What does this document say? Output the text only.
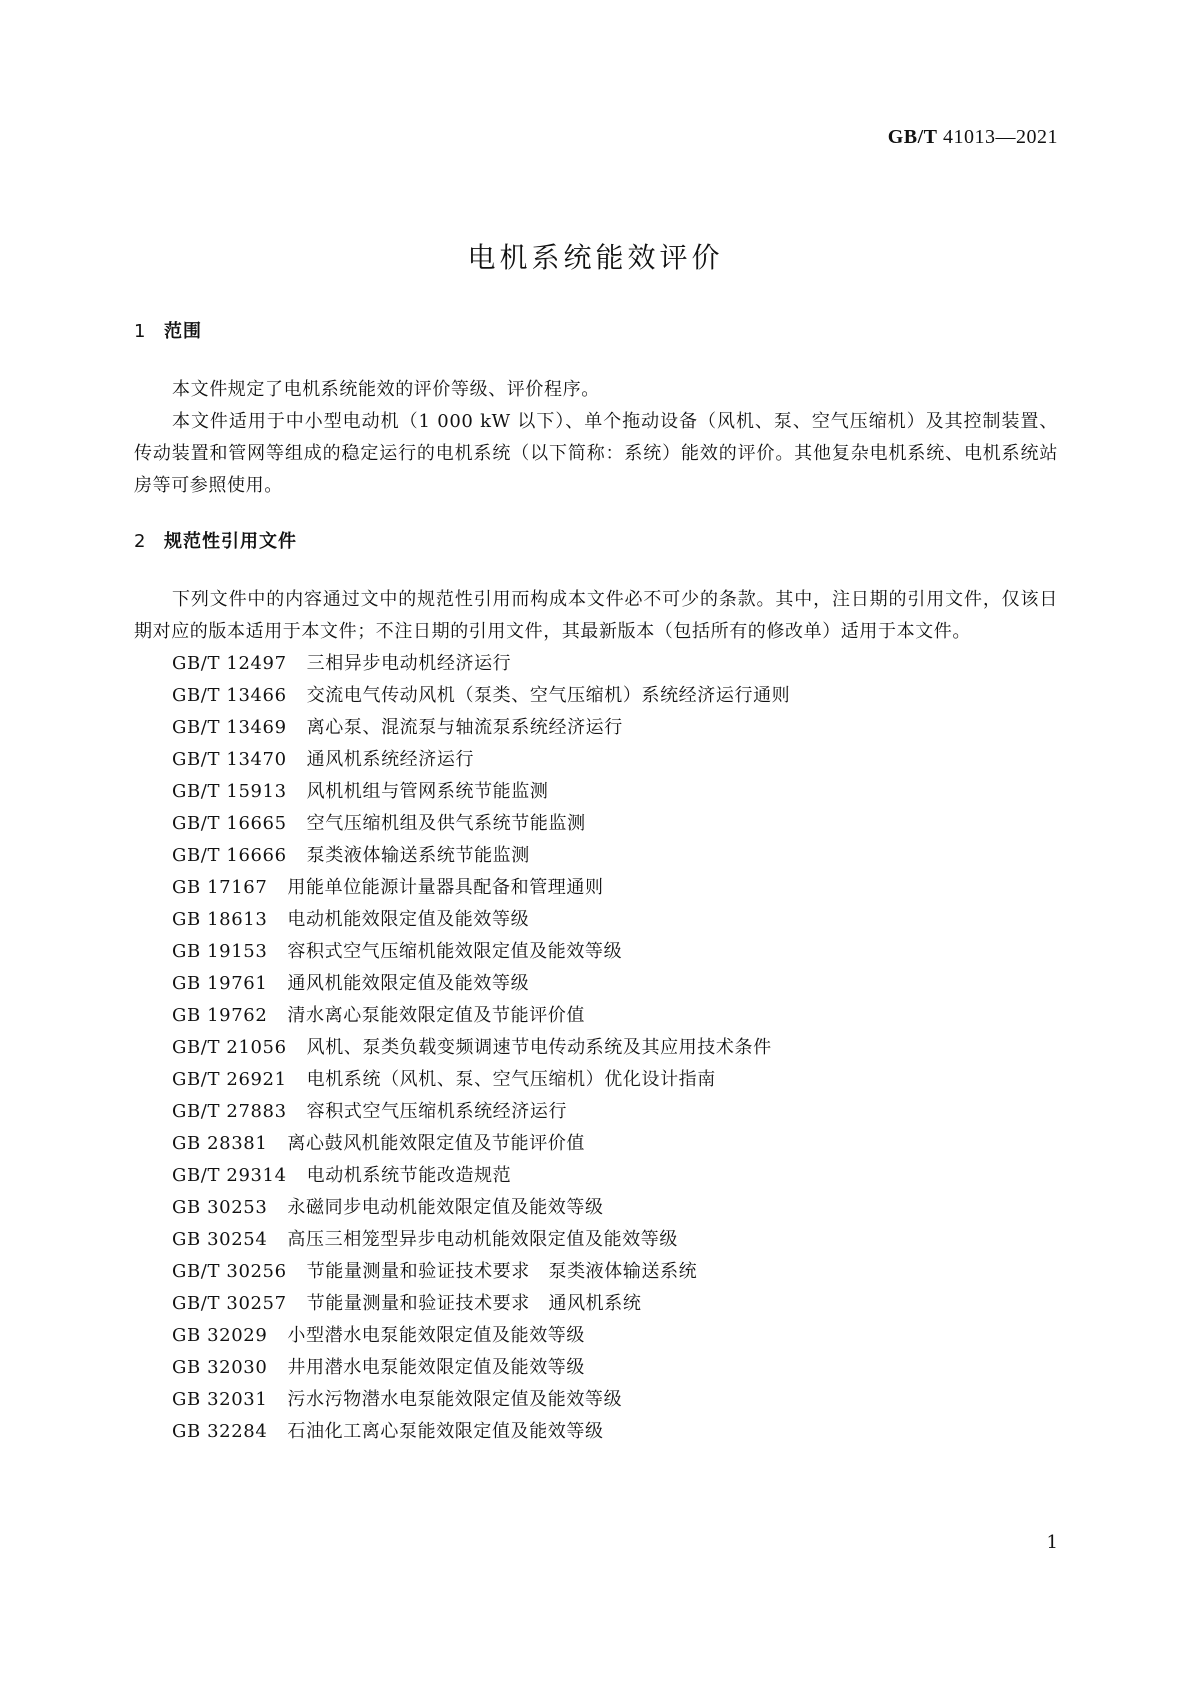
GB/T 41013—2021
电机系统能效评价
1 范围

本文件规定了电机系统能效的评价等级、评价程序。

本文件适用于中小型电动机（1 000 kW 以下）、单个拖动设备（风机、泵、空气压缩机）及其控制装置、传动装置和管网等组成的稳定运行的电机系统（以下简称：系统）能效的评价。其他复杂电机系统、电机系统站房等可参照使用。

2 规范性引用文件

下列文件中的内容通过文中的规范性引用而构成本文件必不可少的条款。其中，注日期的引用文件，仅该日期对应的版本适用于本文件；不注日期的引用文件，其最新版本（包括所有的修改单）适用于本文件。

GB/T 12497 三相异步电动机经济运行
GB/T 13466 交流电气传动风机（泵类、空气压缩机）系统经济运行通则
GB/T 13469 离心泵、混流泵与轴流泵系统经济运行
GB/T 13470 通风机系统经济运行
GB/T 15913 风机机组与管网系统节能监测
GB/T 16665 空气压缩机组及供气系统节能监测
GB/T 16666 泵类液体输送系统节能监测
GB 17167 用能单位能源计量器具配备和管理通则
GB 18613 电动机能效限定值及能效等级
GB 19153 容积式空气压缩机能效限定值及能效等级
GB 19761 通风机能效限定值及能效等级
GB 19762 清水离心泵能效限定值及节能评价值
GB/T 21056 风机、泵类负载变频调速节电传动系统及其应用技术条件
GB/T 26921 电机系统（风机、泵、空气压缩机）优化设计指南
GB/T 27883 容积式空气压缩机系统经济运行
GB 28381 离心鼓风机能效限定值及节能评价值
GB/T 29314 电动机系统节能改造规范
GB 30253 永磁同步电动机能效限定值及能效等级
GB 30254 高压三相笼型异步电动机能效限定值及能效等级
GB/T 30256 节能量测量和验证技术要求　泵类液体输送系统
GB/T 30257 节能量测量和验证技术要求　通风机系统
GB 32029 小型潜水电泵能效限定值及能效等级
GB 32030 井用潜水电泵能效限定值及能效等级
GB 32031 污水污物潜水电泵能效限定值及能效等级
GB 32284 石油化工离心泵能效限定值及能效等级
1
